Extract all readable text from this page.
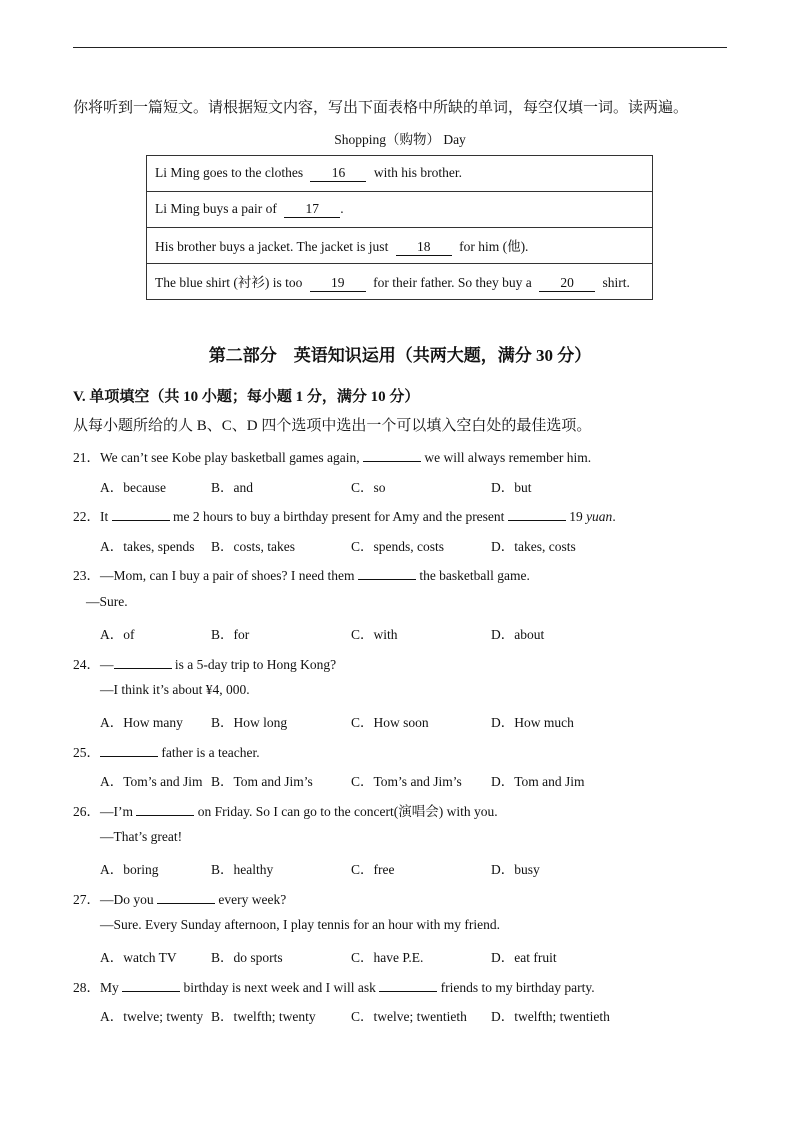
你将听到一篇短文。请根据短文内容，写出下面表格中所缺的单词，每空仅填一词。读两遍。
Shopping（购物） Day
Li Ming goes to the clothes 16 with his brother.
Li Ming buys a pair of 17 .
His brother buys a jacket. The jacket is just 18 for him (他).
The blue shirt (衬衫) is too 19 for their father. So they buy a 20 shirt.
第二部分　英语知识运用（共两大题，满分 30 分）
V. 单项填空（共 10 小题；每小题 1 分，满分 10 分）
从每小题所给的人 B、C、D 四个选项中选出一个可以填入空白处的最佳选项。
21．We can’t see Kobe play basketball games again,	we will always remember him.
A．because	B．and	C．so	D．but
22．It	me 2 hours to buy a birthday present for Amy and the present	19 yuan.
A．takes, spends B．costs, takes	C．spends, costs	D．takes, costs
23．—Mom, can I buy a pair of shoes? I need them	the basketball game.
—Sure.
A．of	B．for	C．with	D．about
24．—	is a 5-day trip to Hong Kong?
—I think it’s about ¥4, 000.
A．How many B．How long	C．How soon	D．How much
25．	father is a teacher.
A．Tom’s and Jim B．Tom and Jim’s	C．Tom’s and Jim’s D．Tom and Jim
26．—I’m	on Friday. So I can go to the concert(演唱会) with you.
—That’s great!
A．boring	B．healthy	C．free	D．busy
27．—Do you	every week?
—Sure. Every Sunday afternoon, I play tennis for an hour with my friend.
A．watch TV	B．do sports	C．have P.E.	D．eat fruit
28．My	birthday is next week and I will ask	friends to my birthday party.
A．twelve; twenty B．twelfth; twenty	C．twelve; twentieth D．twelfth; twentieth
